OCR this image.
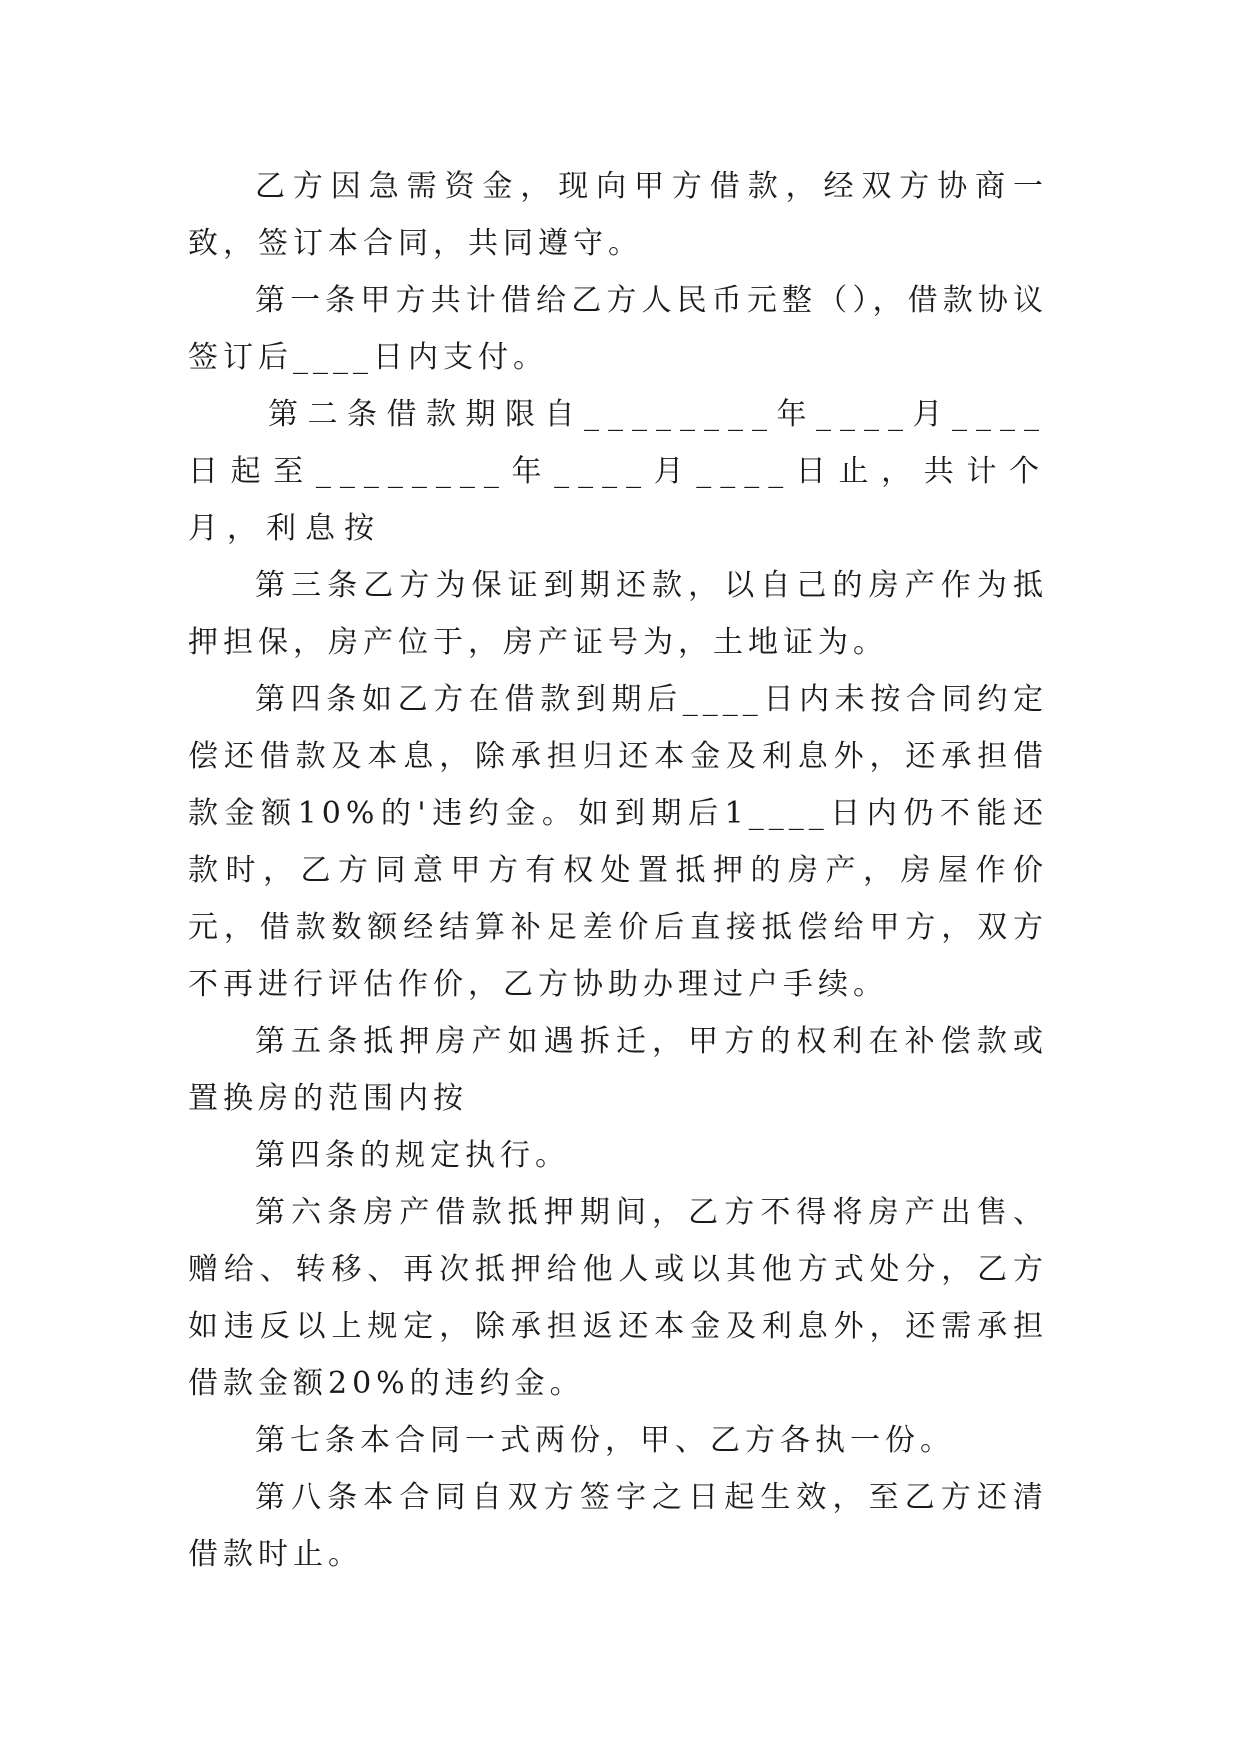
乙方因急需资金，现向甲方借款，经双方协商一致，签订本合同，共同遵守。

第一条甲方共计借给乙方人民币元整（），借款协议签订后____日内支付。

第二条借款期限自________年____月____日起至________年____月____日止，共计个月，利息按

第三条乙方为保证到期还款，以自己的房产作为抵押担保，房产位于，房产证号为，土地证为。

第四条如乙方在借款到期后____日内未按合同约定偿还借款及本息，除承担归还本金及利息外，还承担借款金额10%的'违约金。如到期后1____日内仍不能还款时，乙方同意甲方有权处置抵押的房产，房屋作价元，借款数额经结算补足差价后直接抵偿给甲方，双方不再进行评估作价，乙方协助办理过户手续。

第五条抵押房产如遇拆迁，甲方的权利在补偿款或置换房的范围内按

第四条的规定执行。

第六条房产借款抵押期间，乙方不得将房产出售、赠给、转移、再次抵押给他人或以其他方式处分，乙方如违反以上规定，除承担返还本金及利息外，还需承担借款金额20%的违约金。

第七条本合同一式两份，甲、乙方各执一份。

第八条本合同自双方签字之日起生效，至乙方还清借款时止。
